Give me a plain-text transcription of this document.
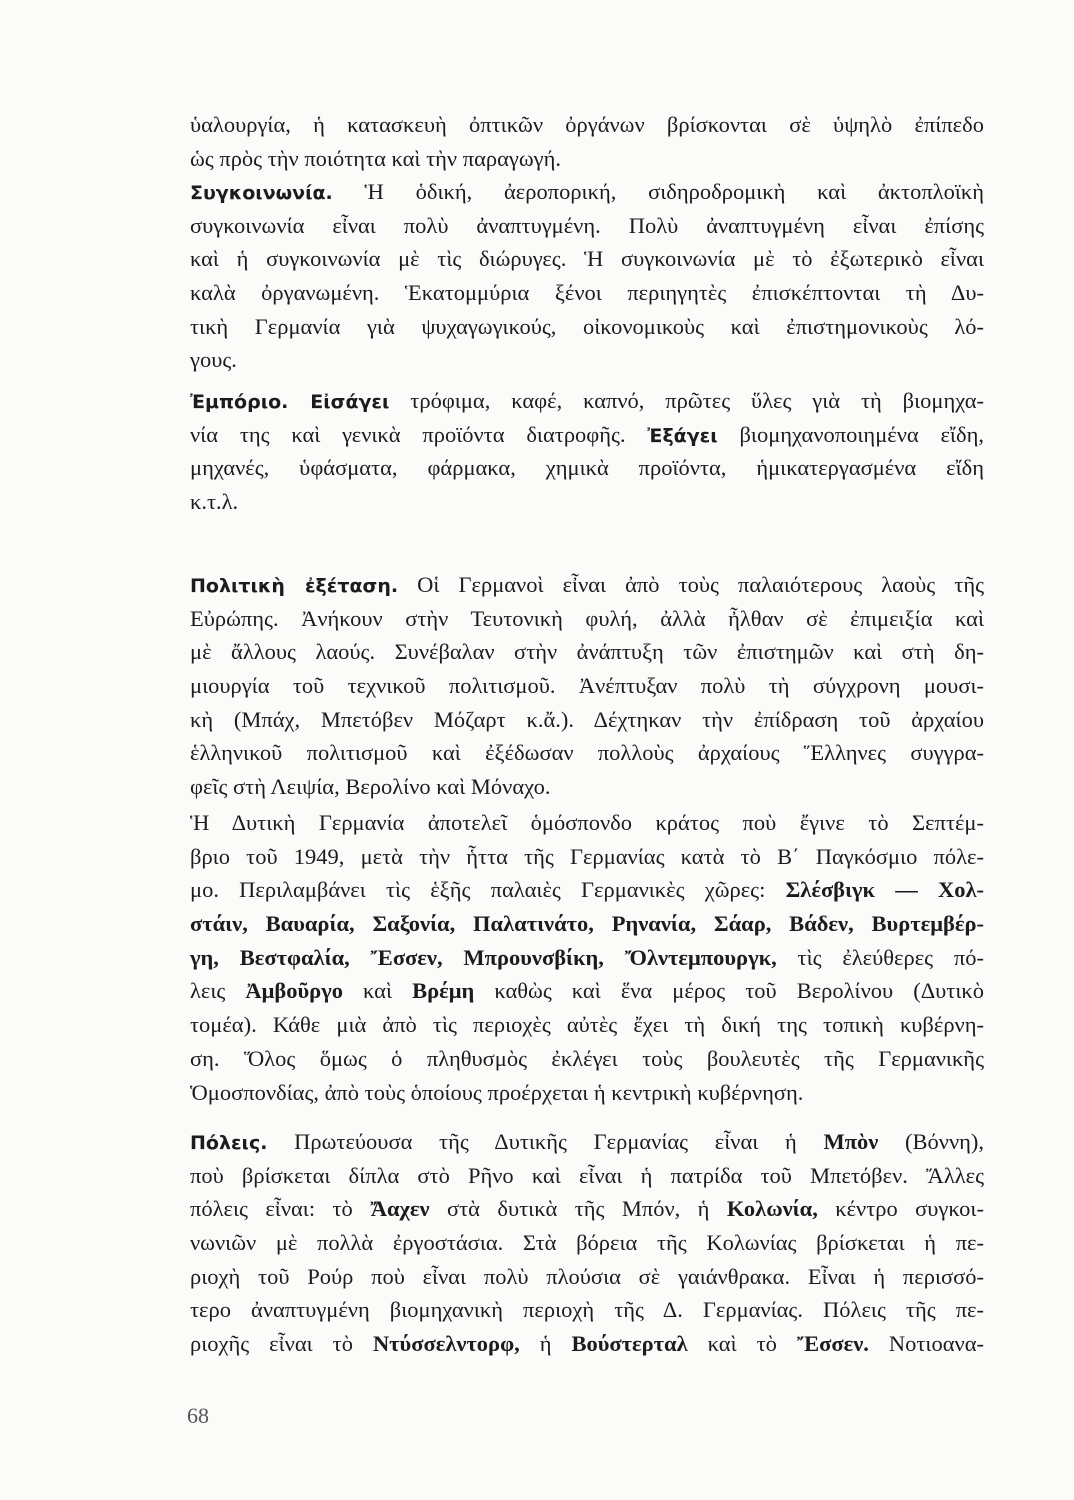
ὑαλουργία, ἡ κατασκευὴ ὀπτικῶν ὀργάνων βρίσκονται σὲ ὑψηλὸ ἐπίπεδο
ὡς πρὸς τὴν ποιότητα καὶ τὴν παραγωγή.
Συγκοινωνία. Ἡ ὁδική, ἀεροπορική, σιδηροδρομικὴ καὶ ἀκτοπλοϊκὴ
συγκοινωνία εἶναι πολὺ ἀναπτυγμένη. Πολὺ ἀναπτυγμένη εἶναι ἐπίσης
καὶ ἡ συγκοινωνία μὲ τὶς διώρυγες. Ἡ συγκοινωνία μὲ τὸ ἐξωτερικὸ εἶναι
καλὰ ὀργανωμένη. Ἑκατομμύρια ξένοι περιηγητὲς ἐπισκέπτονται τὴ Δυ-
τικὴ Γερμανία γιὰ ψυχαγωγικούς, οἰκονομικοὺς καὶ ἐπιστημονικοὺς λό-
γους.
Ἐμπόριο. Εἰσάγει τρόφιμα, καφέ, καπνό, πρῶτες ὕλες γιὰ τὴ βιομηχα-
νία της καὶ γενικὰ προϊόντα διατροφῆς. Ἐξάγει βιομηχανοποιημένα εἴδη,
μηχανές, ὑφάσματα, φάρμακα, χημικὰ προϊόντα, ἡμικατεργασμένα εἴδη
κ.τ.λ.
Πολιτικὴ ἐξέταση. Οἱ Γερμανοὶ εἶναι ἀπὸ τοὺς παλαιότερους λαοὺς τῆς
Εὐρώπης. Ἀνήκουν στὴν Τευτονικὴ φυλή, ἀλλὰ ἦλθαν σὲ ἐπιμειξία καὶ
μὲ ἄλλους λαούς. Συνέβαλαν στὴν ἀνάπτυξη τῶν ἐπιστημῶν καὶ στὴ δη-
μιουργία τοῦ τεχνικοῦ πολιτισμοῦ. Ἀνέπτυξαν πολὺ τὴ σύγχρονη μουσι-
κὴ (Μπάχ, Μπετόβεν Μόζαρτ κ.ἄ.). Δέχτηκαν τὴν ἐπίδραση τοῦ ἀρχαίου
ἑλληνικοῦ πολιτισμοῦ καὶ ἐξέδωσαν πολλοὺς ἀρχαίους Ἕλληνες συγγρα-
φεῖς στὴ Λειψία, Βερολίνο καὶ Μόναχο.
Ἡ Δυτικὴ Γερμανία ἀποτελεῖ ὁμόσπονδο κράτος ποὺ ἔγινε τὸ Σεπτέμ-
βριο τοῦ 1949, μετὰ τὴν ἧττα τῆς Γερμανίας κατὰ τὸ Β΄ Παγκόσμιο πόλε-
μο. Περιλαμβάνει τὶς ἑξῆς παλαιὲς Γερμανικὲς χῶρες: Σλέσβιγκ — Χολ-
στάιν, Βαυαρία, Σαξονία, Παλατινάτο, Ρηνανία, Σάαρ, Βάδεν, Βυρτεμβέρ-
γη, Βεστφαλία, Ἔσσεν, Μπρουνσβίκη, Ὄλντεμπουργκ, τὶς ἐλεύθερες πό-
λεις Ἀμβοῦργο καὶ Βρέμη καθὼς καὶ ἕνα μέρος τοῦ Βερολίνου (Δυτικὸ
τομέα). Κάθε μιὰ ἀπὸ τὶς περιοχὲς αὐτὲς ἔχει τὴ δική της τοπικὴ κυβέρνη-
ση. Ὅλος ὅμως ὁ πληθυσμὸς ἐκλέγει τοὺς βουλευτὲς τῆς Γερμανικῆς
Ὁμοσπονδίας, ἀπὸ τοὺς ὁποίους προέρχεται ἡ κεντρικὴ κυβέρνηση.
Πόλεις. Πρωτεύουσα τῆς Δυτικῆς Γερμανίας εἶναι ἡ Μπὸν (Βόννη),
ποὺ βρίσκεται δίπλα στὸ Ρῆνο καὶ εἶναι ἡ πατρίδα τοῦ Μπετόβεν. Ἄλλες
πόλεις εἶναι: τὸ Ἄαχεν στὰ δυτικὰ τῆς Μπόν, ἡ Κολωνία, κέντρο συγκοι-
νωνιῶν μὲ πολλὰ ἐργοστάσια. Στὰ βόρεια τῆς Κολωνίας βρίσκεται ἡ πε-
ριοχὴ τοῦ Ρούρ ποὺ εἶναι πολὺ πλούσια σὲ γαιάνθρακα. Εἶναι ἡ περισσό-
τερο ἀναπτυγμένη βιομηχανικὴ περιοχὴ τῆς Δ. Γερμανίας. Πόλεις τῆς πε-
ριοχῆς εἶναι τὸ Ντύσσελντορφ, ἡ Βούστερταλ καὶ τὸ Ἔσσεν. Νοτιοανα-
68
